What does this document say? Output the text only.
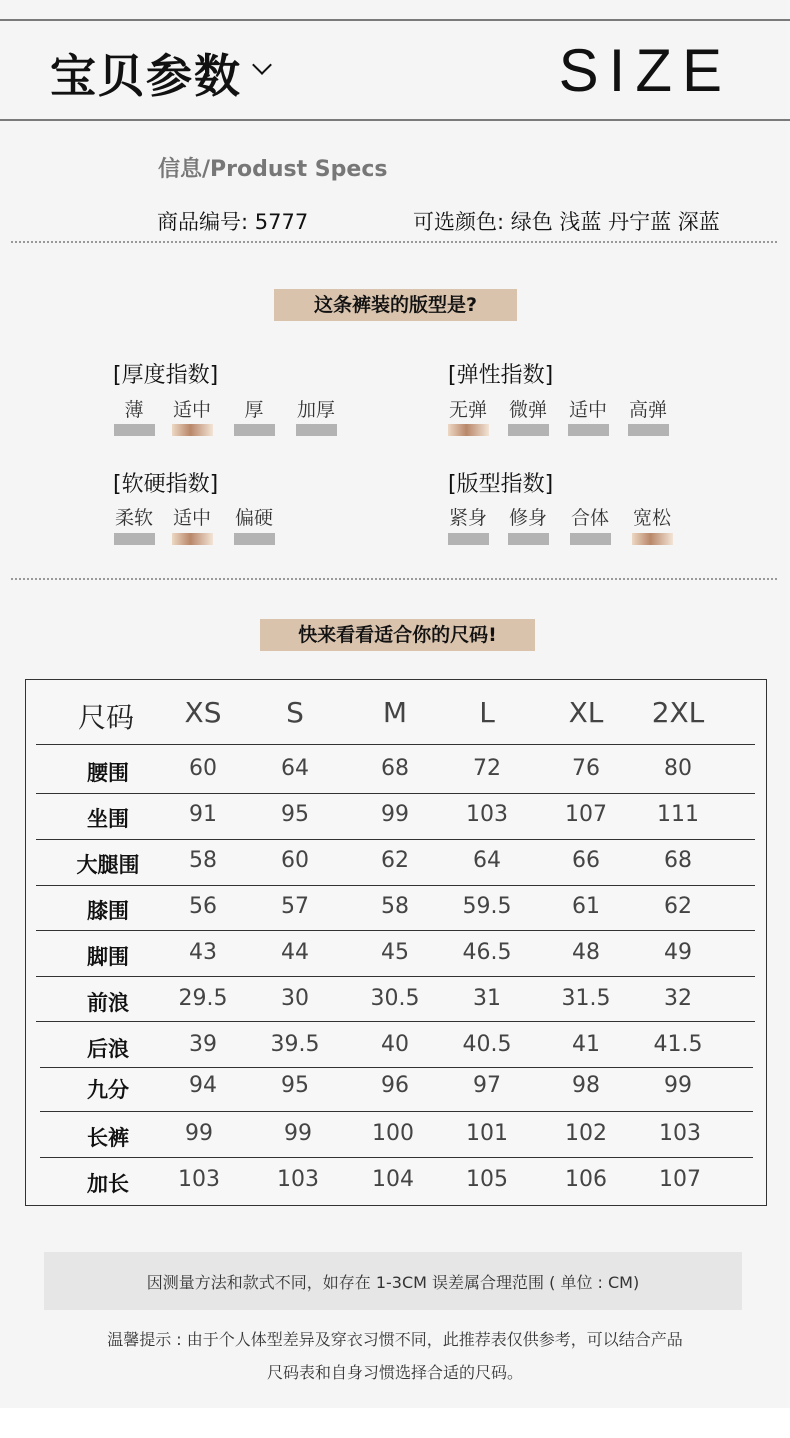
宝贝参数	SIZE
信息/Produst Specs
商品编号: 5777	可选颜色: 绿色 浅蓝 丹宁蓝 深蓝
这条裤装的版型是?
[厚度指数]
薄	适中	厚	加厚
[弹性指数]
无弹	微弹	适中	高弹
[软硬指数]
柔软	适中	偏硬
[版型指数]
紧身	修身	合体	宽松
快来看看适合你的尺码!
尺码	XS	S	M	L	XL	2XL
腰围	60	64	68	72	76	80
坐围	91	95	99	103	107	111
大腿围	58	60	62	64	66	68
膝围	56	57	58	59.5	61	62
脚围	43	44	45	46.5	48	49
前浪	29.5	30	30.5	31	31.5	32
后浪	39	39.5	40	40.5	41	41.5
九分	94	95	96	97	98	99
长裤	99	99	100	101	102	103
加长	103	103	104	105	106	107
因测量方法和款式不同，如存在 1-3CM 误差属合理范围 ( 单位 : CM)
温馨提示 : 由于个人体型差异及穿衣习惯不同，此推荐表仅供参考，可以结合产品
尺码表和自身习惯选择合适的尺码。
